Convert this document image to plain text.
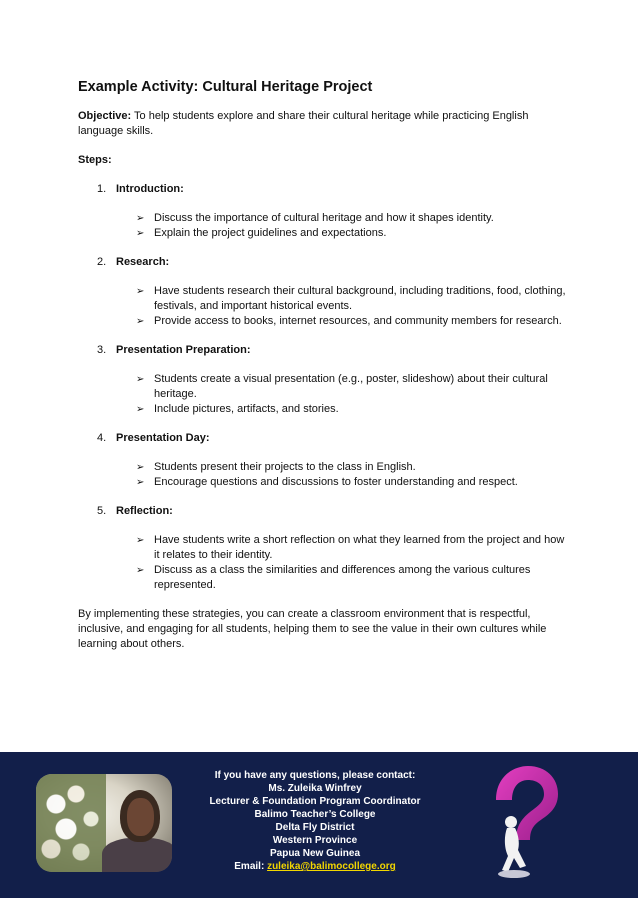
Example Activity: Cultural Heritage Project

Objective: To help students explore and share their cultural heritage while practicing English language skills.

Steps:

1. Introduction:
➢ Discuss the importance of cultural heritage and how it shapes identity.
➢ Explain the project guidelines and expectations.
2. Research:
➢ Have students research their cultural background, including traditions, food, clothing, festivals, and important historical events.
➢ Provide access to books, internet resources, and community members for research.
3. Presentation Preparation:
➢ Students create a visual presentation (e.g., poster, slideshow) about their cultural heritage.
➢ Include pictures, artifacts, and stories.
4. Presentation Day:
➢ Students present their projects to the class in English.
➢ Encourage questions and discussions to foster understanding and respect.
5. Reflection:
➢ Have students write a short reflection on what they learned from the project and how it relates to their identity.
➢ Discuss as a class the similarities and differences among the various cultures represented.

By implementing these strategies, you can create a classroom environment that is respectful, inclusive, and engaging for all students, helping them to see the value in their own cultures while learning about others.

If you have any questions, please contact:
Ms. Zuleika Winfrey
Lecturer & Foundation Program Coordinator
Balimo Teacher’s College
Delta Fly District
Western Province
Papua New Guinea
Email: zuleika@balimocollege.org
